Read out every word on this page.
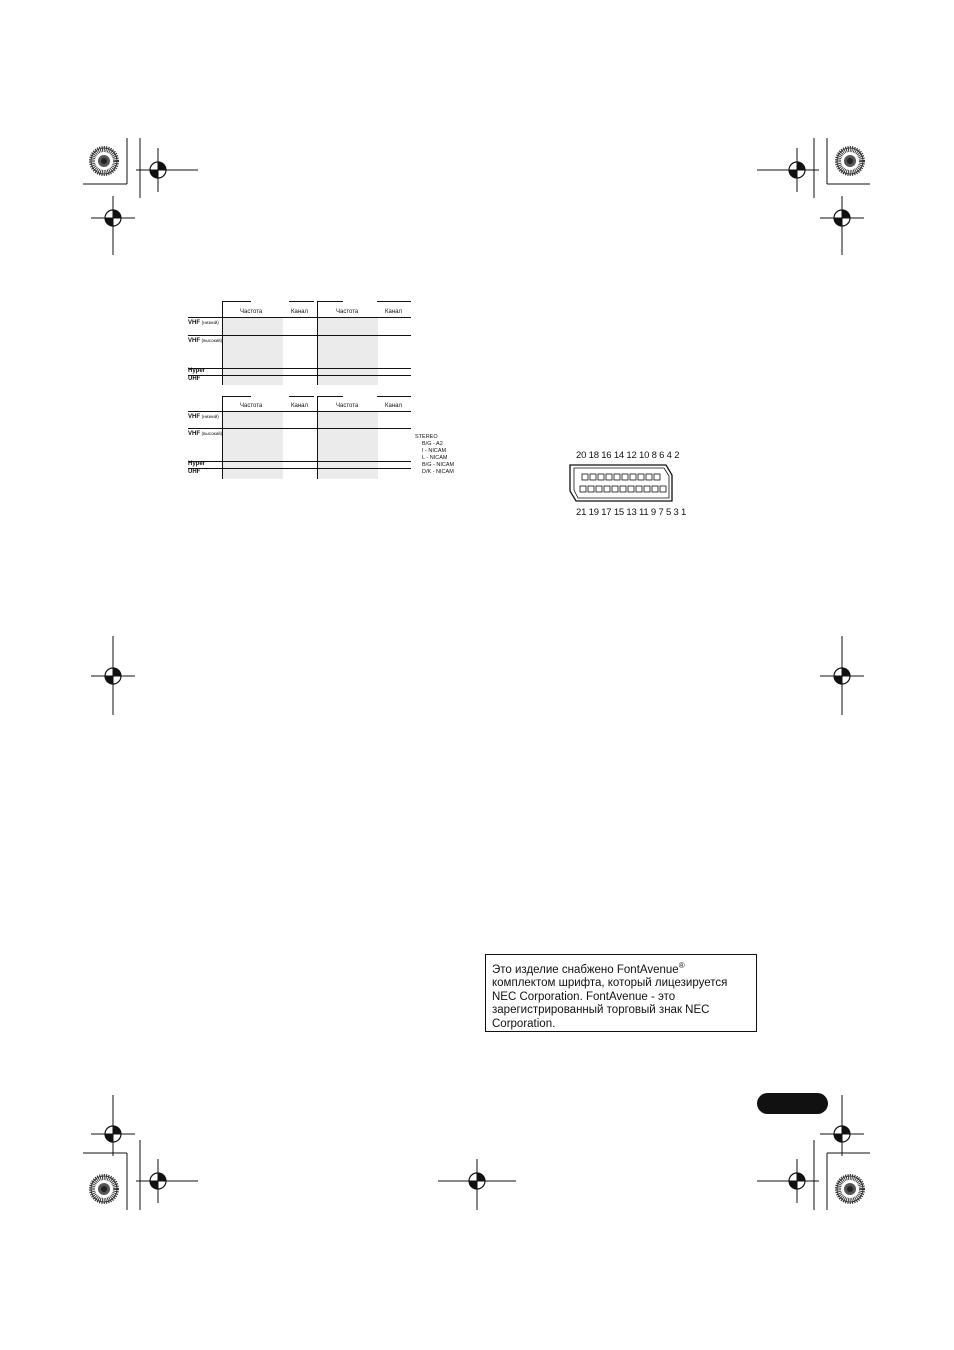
Частота	Канал	Частота	Канал
VHF (низкий)
VHF (высокий)
Hyper
UHF
Частота	Канал	Частота	Канал
VHF (низкий)
VHF (высокий)
Hyper
UHF
STEREO
B/G - A2
I - NICAM
L - NICAM
B/G - NICAM
D/K - NICAM
20 18 16 14 12 10 8 6 4 2
21 19 17 15 13 11 9 7 5 3 1
Это изделие снабжено FontAvenue® комплектом шрифта, который лицезируется NEC Corporation. FontAvenue - это зарегистрированный торговый знак NEC Corporation.
